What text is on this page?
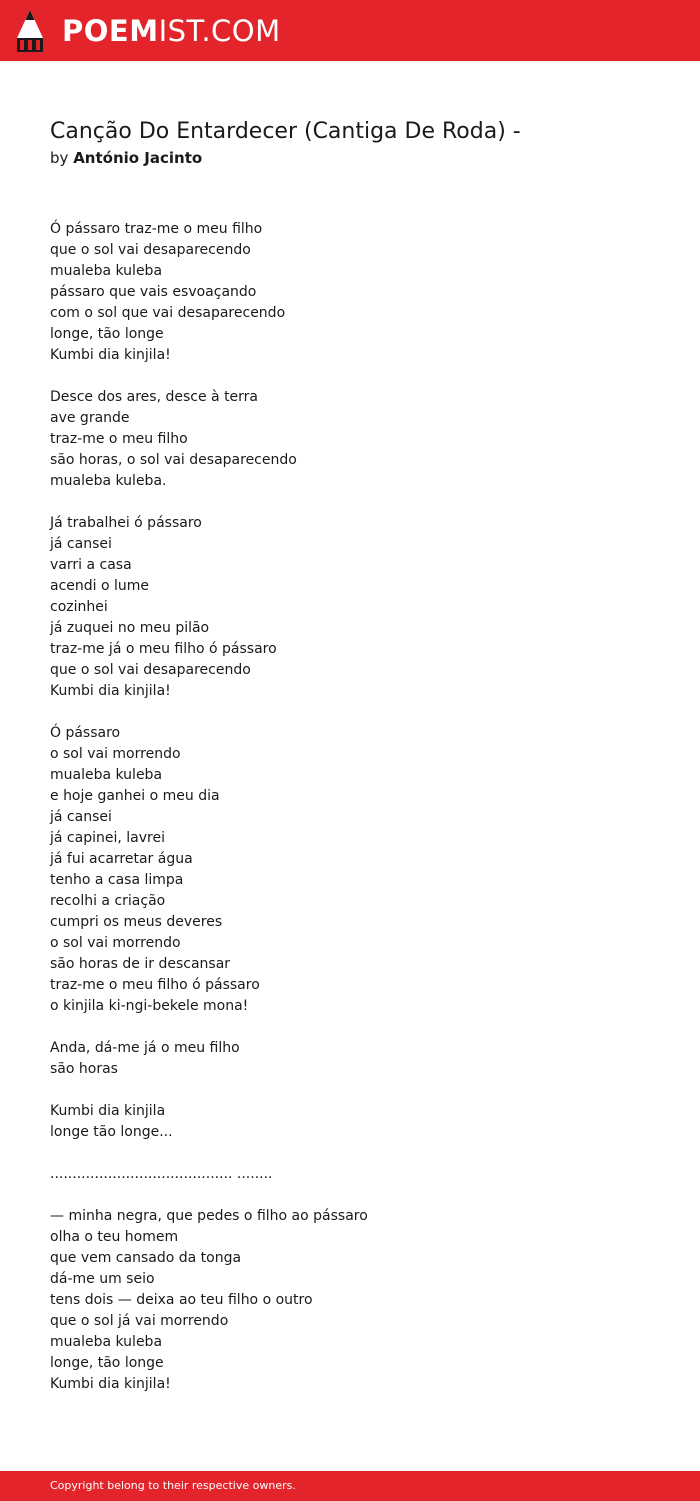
POEMIST.COM
Canção Do Entardecer (Cantiga De Roda) -
by António Jacinto
Ó pássaro traz-me o meu filho
que o sol vai desaparecendo
mualeba kuleba
pássaro que vais esvoaçando
com o sol que vai desaparecendo
longe, tão longe
Kumbi dia kinjila!
Desce dos ares, desce à terra
ave grande
traz-me o meu filho
são horas, o sol vai desaparecendo
mualeba kuleba.
Já trabalhei ó pássaro
já cansei
varri a casa
acendi o lume
cozinhei
já zuquei no meu pilão
traz-me já o meu filho ó pássaro
que o sol vai desaparecendo
Kumbi dia kinjila!
Ó pássaro
o sol vai morrendo
mualeba kuleba
e hoje ganhei o meu dia
já cansei
já capinei, lavrei
já fui acarretar água
tenho a casa limpa
recolhi a criação
cumpri os meus deveres
o sol vai morrendo
são horas de ir descansar
traz-me o meu filho ó pássaro
o kinjila ki-ngi-bekele mona!
Anda, dá-me já o meu filho
são horas
Kumbi dia kinjila
longe tão longe...
......................................... ........
— minha negra, que pedes o filho ao pássaro
olha o teu homem
que vem cansado da tonga
dá-me um seio
tens dois — deixa ao teu filho o outro
que o sol já vai morrendo
mualeba kuleba
longe, tão longe
Kumbi dia kinjila!
Copyright belong to their respective owners.
